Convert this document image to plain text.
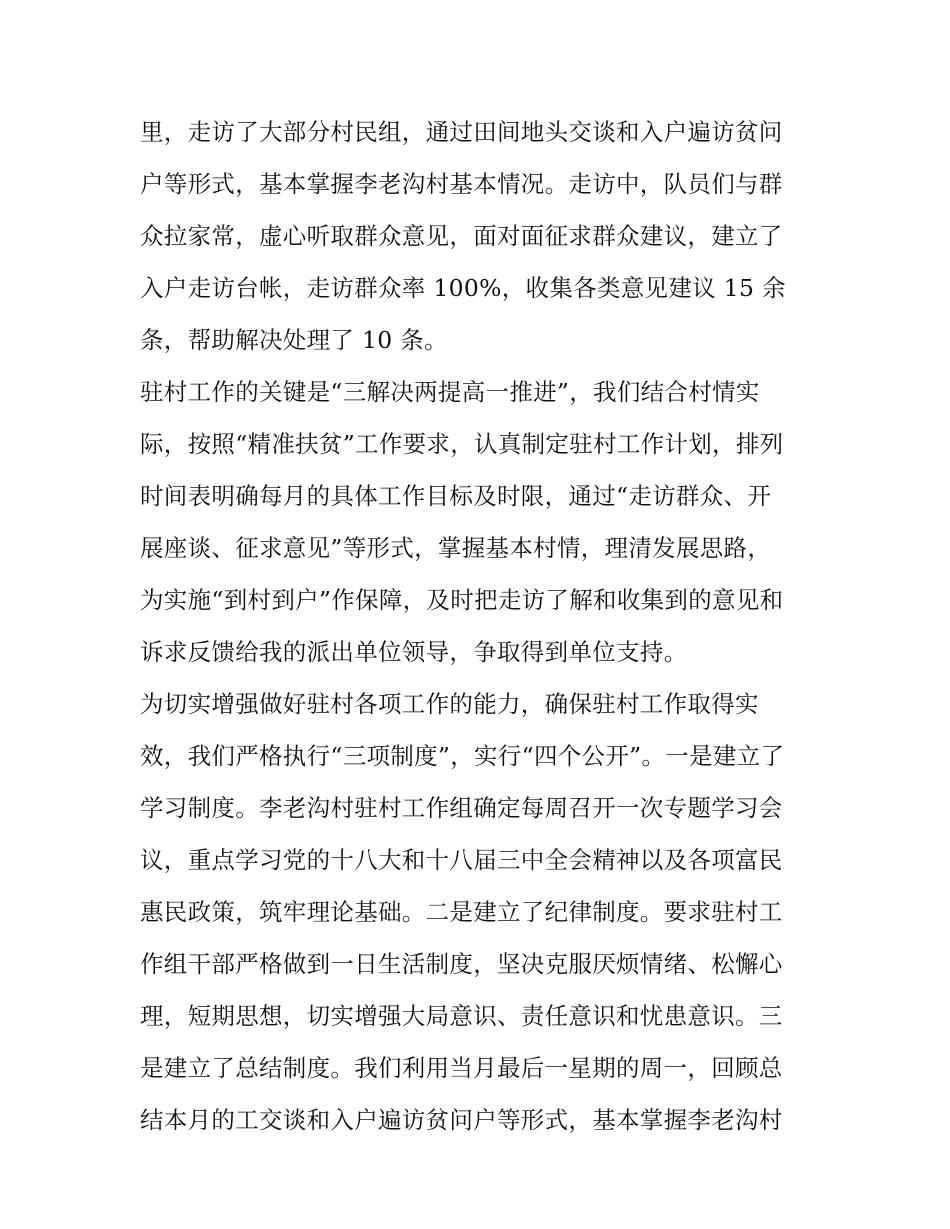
里，走访了大部分村民组，通过田间地头交谈和入户遍访贫问
户等形式，基本掌握李老沟村基本情况。走访中，队员们与群
众拉家常，虚心听取群众意见，面对面征求群众建议，建立了
入户走访台帐，走访群众率 100%，收集各类意见建议 15 余
条，帮助解决处理了 10 条。
驻村工作的关键是“三解决两提高一推进”，我们结合村情实
际，按照“精准扶贫”工作要求，认真制定驻村工作计划，排列
时间表明确每月的具体工作目标及时限，通过“走访群众、开
展座谈、征求意见”等形式，掌握基本村情，理清发展思路，
为实施“到村到户”作保障，及时把走访了解和收集到的意见和
诉求反馈给我的派出单位领导，争取得到单位支持。
为切实增强做好驻村各项工作的能力，确保驻村工作取得实
效，我们严格执行“三项制度”，实行“四个公开”。一是建立了
学习制度。李老沟村驻村工作组确定每周召开一次专题学习会
议，重点学习党的十八大和十八届三中全会精神以及各项富民
惠民政策，筑牢理论基础。二是建立了纪律制度。要求驻村工
作组干部严格做到一日生活制度，坚决克服厌烦情绪、松懈心
理，短期思想，切实增强大局意识、责任意识和忧患意识。三
是建立了总结制度。我们利用当月最后一星期的周一，回顾总
结本月的工交谈和入户遍访贫问户等形式，基本掌握李老沟村
